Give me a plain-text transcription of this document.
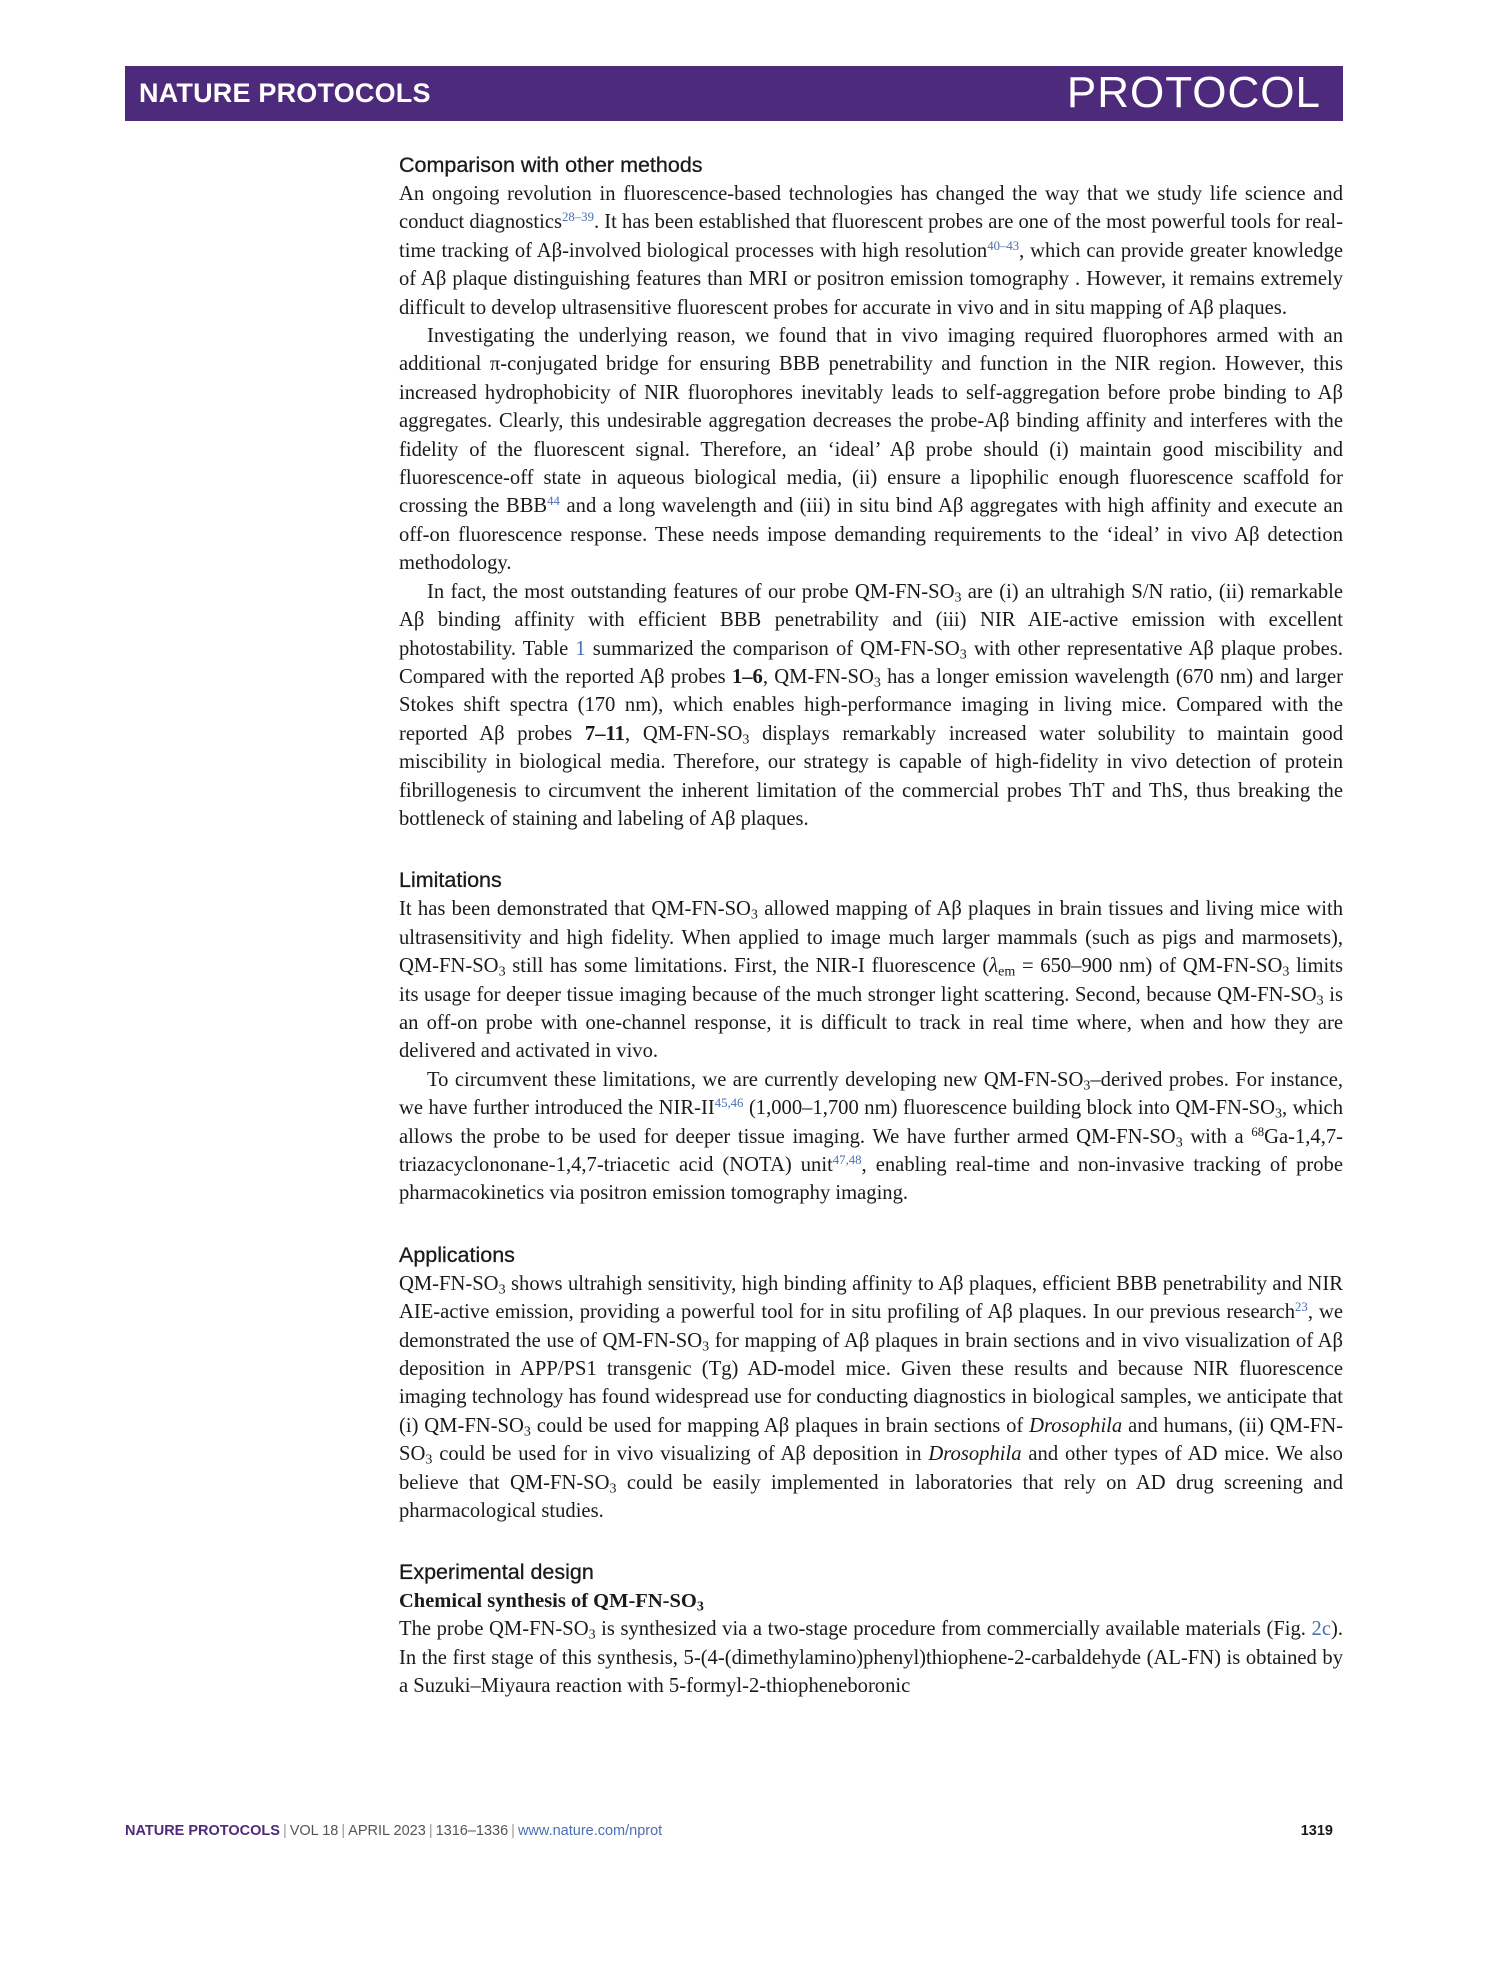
NATURE PROTOCOLS	PROTOCOL
Comparison with other methods

An ongoing revolution in fluorescence-based technologies has changed the way that we study life science and conduct diagnostics$^{28-39}$. It has been established that fluorescent probes are one of the most powerful tools for real-time tracking of Aβ-involved biological processes with high resolution$^{40-43}$, which can provide greater knowledge of Aβ plaque distinguishing features than MRI or positron emission tomography . However, it remains extremely difficult to develop ultrasensitive fluorescent probes for accurate in vivo and in situ mapping of Aβ plaques.

Investigating the underlying reason, we found that in vivo imaging required fluorophores armed with an additional π-conjugated bridge for ensuring BBB penetrability and function in the NIR region. However, this increased hydrophobicity of NIR fluorophores inevitably leads to self-aggregation before probe binding to Aβ aggregates. Clearly, this undesirable aggregation decreases the probe-Aβ binding affinity and interferes with the fidelity of the fluorescent signal. Therefore, an ‘ideal’ Aβ probe should (i) maintain good miscibility and fluorescence-off state in aqueous biological media, (ii) ensure a lipophilic enough fluorescence scaffold for crossing the BBB$^{44}$ and a long wavelength and (iii) in situ bind Aβ aggregates with high affinity and execute an off-on fluorescence response. These needs impose demanding requirements to the ‘ideal’ in vivo Aβ detection methodology.

In fact, the most outstanding features of our probe $QM-FN-SO_3$ are (i) an ultrahigh S/N ratio, (ii) remarkable Aβ binding affinity with efficient BBB penetrability and (iii) NIR AIE-active emission with excellent photostability. Table 1 summarized the comparison of $QM-FN-SO_3$ with other representative Aβ plaque probes. Compared with the reported Aβ probes 1–6, $QM-FN-SO_3$ has a longer emission wavelength (670 nm) and larger Stokes shift spectra (170 nm), which enables high-performance imaging in living mice. Compared with the reported Aβ probes 7–11, $QM-FN-SO_3$ displays remarkably increased water solubility to maintain good miscibility in biological media. Therefore, our strategy is capable of high-fidelity in vivo detection of protein fibrillogenesis to circumvent the inherent limitation of the commercial probes ThT and ThS, thus breaking the bottleneck of staining and labeling of Aβ plaques.

Limitations

It has been demonstrated that $QM-FN-SO_3$ allowed mapping of Aβ plaques in brain tissues and living mice with ultrasensitivity and high fidelity. When applied to image much larger mammals (such as pigs and marmosets), $QM-FN-SO_3$ still has some limitations. First, the NIR-I fluorescence ($\lambda_{em} = 650-900$ nm) of $QM-FN-SO_3$ limits its usage for deeper tissue imaging because of the much stronger light scattering. Second, because $QM-FN-SO_3$ is an off-on probe with one-channel response, it is difficult to track in real time where, when and how they are delivered and activated in vivo.

To circumvent these limitations, we are currently developing new $QM-FN-SO_3$–derived probes. For instance, we have further introduced the NIR-II$^{45,46}$ (1,000–1,700 nm) fluorescence building block into $QM-FN-SO_3$, which allows the probe to be used for deeper tissue imaging. We have further armed $QM-FN-SO_3$ with a $^{68}$Ga-1,4,7-triazacyclononane-1,4,7-triacetic acid (NOTA) unit$^{47,48}$, enabling real-time and non-invasive tracking of probe pharmacokinetics via positron emission tomography imaging.

Applications

$QM-FN-SO_3$ shows ultrahigh sensitivity, high binding affinity to Aβ plaques, efficient BBB penetrability and NIR AIE-active emission, providing a powerful tool for in situ profiling of Aβ plaques. In our previous research$^{23}$, we demonstrated the use of $QM-FN-SO_3$ for mapping of Aβ plaques in brain sections and in vivo visualization of Aβ deposition in APP/PS1 transgenic (Tg) AD-model mice. Given these results and because NIR fluorescence imaging technology has found widespread use for conducting diagnostics in biological samples, we anticipate that (i) $QM-FN-SO_3$ could be used for mapping Aβ plaques in brain sections of Drosophila and humans, (ii) $QM-FN-SO_3$ could be used for in vivo visualizing of Aβ deposition in Drosophila and other types of AD mice. We also believe that $QM-FN-SO_3$ could be easily implemented in laboratories that rely on AD drug screening and pharmacological studies.

Experimental design
Chemical synthesis of $QM-FN-SO_3$

The probe $QM-FN-SO_3$ is synthesized via a two-stage procedure from commercially available materials (Fig. 2c). In the first stage of this synthesis, 5-(4-(dimethylamino)phenyl)thiophene-2-carbaldehyde (AL-FN) is obtained by a Suzuki–Miyaura reaction with 5-formyl-2-thiopheneboronic

NATURE PROTOCOLS | VOL 18 | APRIL 2023 | 1316–1336 | www.nature.com/nprot	1319
